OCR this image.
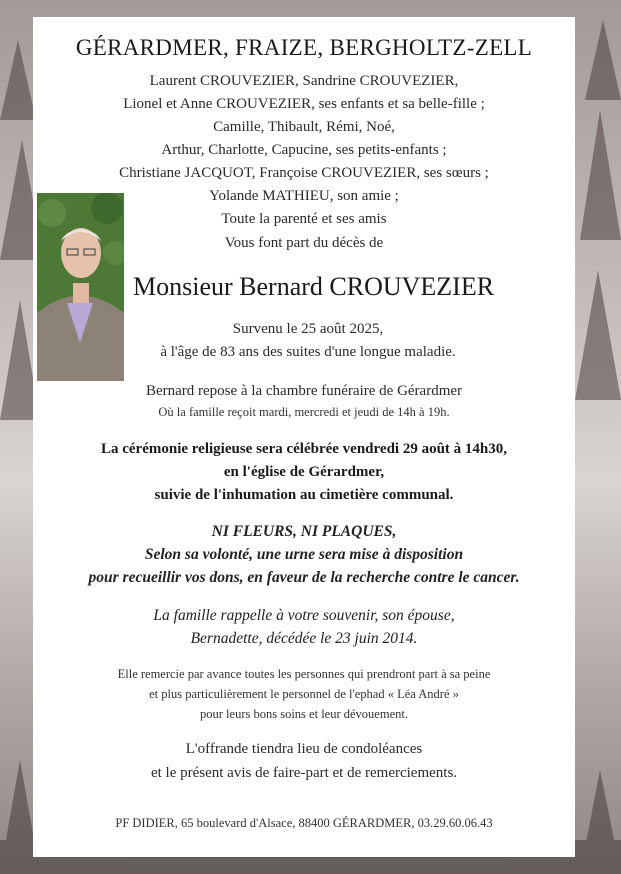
GÉRARDMER, FRAIZE, BERGHOLTZ-ZELL
Laurent CROUVEZIER, Sandrine CROUVEZIER,
Lionel et Anne CROUVEZIER, ses enfants et sa belle-fille ;
Camille, Thibault, Rémi, Noé,
Arthur, Charlotte, Capucine, ses petits-enfants ;
Christiane JACQUOT, Françoise CROUVEZIER, ses sœurs ;
Yolande MATHIEU, son amie ;
Toute la parenté et ses amis
Vous font part du décès de
Monsieur Bernard CROUVEZIER
Survenu le 25 août 2025,
à l'âge de 83 ans des suites d'une longue maladie.
Bernard repose à la chambre funéraire de Gérardmer
Où la famille reçoit mardi, mercredi et jeudi de 14h à 19h.
La cérémonie religieuse sera célébrée vendredi 29 août à 14h30,
en l'église de Gérardmer,
suivie de l'inhumation au cimetière communal.
NI FLEURS, NI PLAQUES,
Selon sa volonté, une urne sera mise à disposition
pour recueillir vos dons, en faveur de la recherche contre le cancer.
La famille rappelle à votre souvenir, son épouse,
Bernadette, décédée le 23 juin 2014.
Elle remercie par avance toutes les personnes qui prendront part à sa peine
et plus particulièrement le personnel de l'ephad « Léa André »
pour leurs bons soins et leur dévouement.
L'offrande tiendra lieu de condoléances
et le présent avis de faire-part et de remerciements.
PF DIDIER, 65 boulevard d'Alsace, 88400 GÉRARDMER, 03.29.60.06.43
